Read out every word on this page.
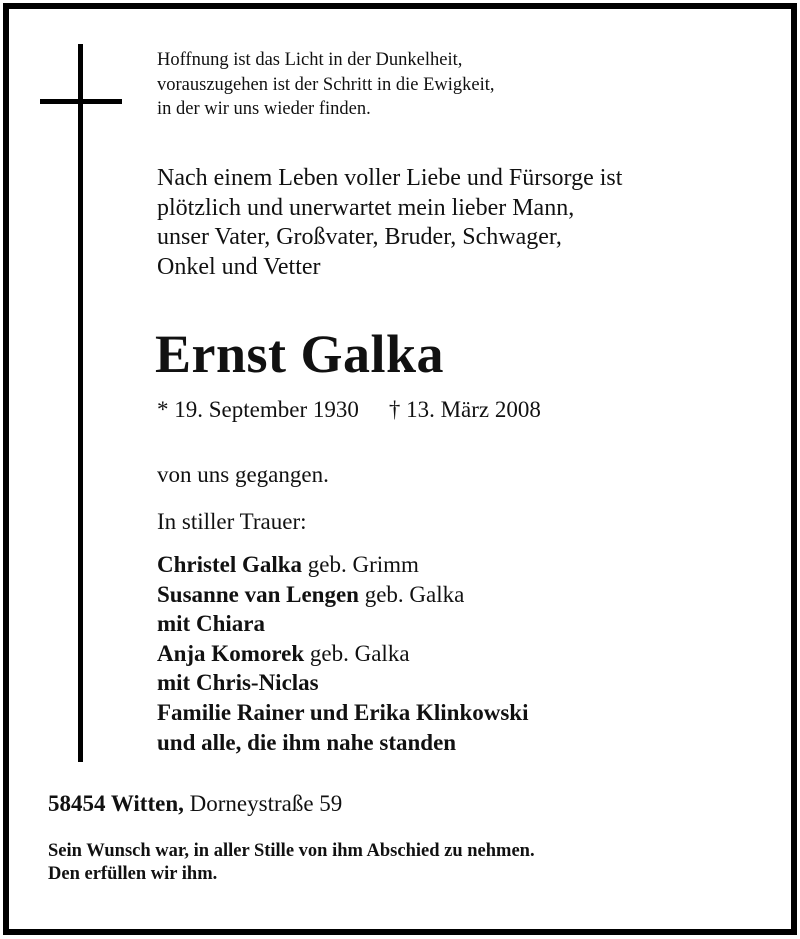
Hoffnung ist das Licht in der Dunkelheit,
vorauszugehen ist der Schritt in die Ewigkeit,
in der wir uns wieder finden.
Nach einem Leben voller Liebe und Fürsorge ist
plötzlich und unerwartet mein lieber Mann,
unser Vater, Großvater, Bruder, Schwager,
Onkel und Vetter
Ernst Galka
* 19. September 1930 † 13. März 2008
von uns gegangen.
In stiller Trauer:
Christel Galka geb. Grimm
Susanne van Lengen geb. Galka
mit Chiara
Anja Komorek geb. Galka
mit Chris-Niclas
Familie Rainer und Erika Klinkowski
und alle, die ihm nahe standen
58454 Witten, Dorneystraße 59
Sein Wunsch war, in aller Stille von ihm Abschied zu nehmen.
Den erfüllen wir ihm.
